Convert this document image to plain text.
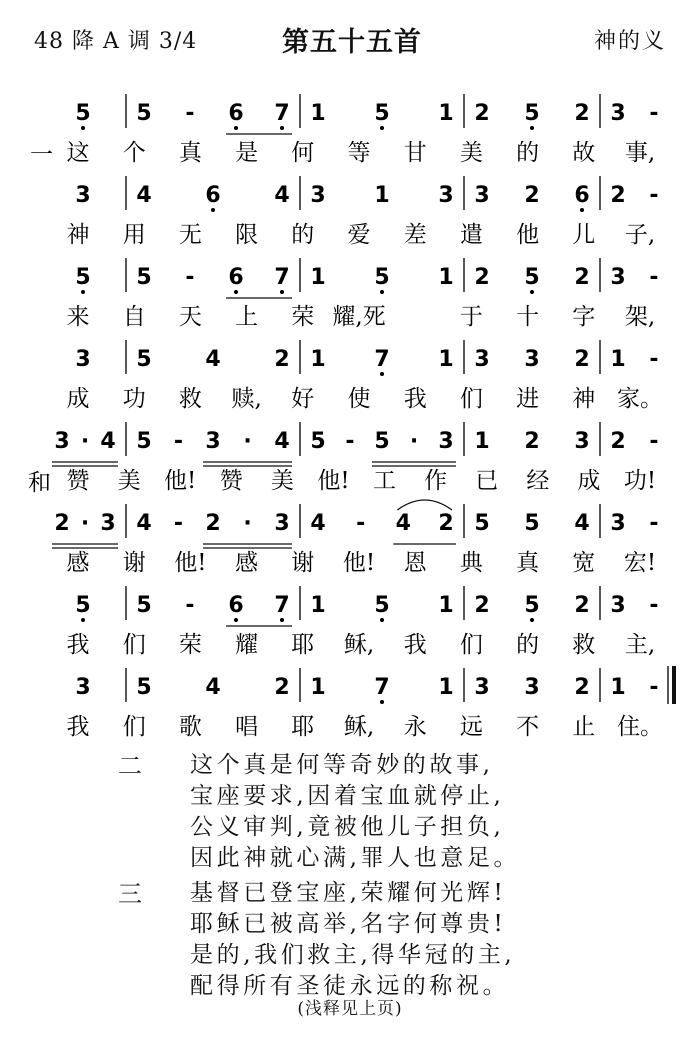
48 降 A 调 3/4	第五十五首	神的义
一
和
5 5 - 6 7 1 5 1 2 5 2 3 -
这 个 真 是 何 等 甘 美 的 故 事,
3 4 6 4 3 1 3 3 2 6 2 -
神 用 无 限 的 爱 差 遣 他 儿 子,
5 5 - 6 7 1 5 1 2 5 2 3 -
来 自 天 上 荣 耀,死	于 十 字 架,
3 5 4 2 1 7 1 3 3 2 1 -
成 功 救 赎, 好 使 我 们 进 神 家。
3 · 4 5 - 3 · 4 5 - 5 · 3 1 2 3 2 -
赞 美 他! 赞 美 他! 工 作 已 经 成 功!
2 · 3 4 - 2 · 3 4 - 4 2 5 5 4 3 -
感 谢 他! 感 谢 他! 恩 典 真 宽 宏!
5 5 - 6 7 1 5 1 2 5 2 3 -
我 们 荣 耀 耶 稣, 我 们 的 救 主,
3 5 4 2 1 7 1 3 3 2 1 -
我 们 歌 唱 耶 稣, 永 远 不 止 住。
二 这个真是何等奇妙的故事,
宝座要求,因着宝血就停止,
公义审判,竟被他儿子担负,
因此神就心满,罪人也意足。
三 基督已登宝座,荣耀何光辉!
耶稣已被高举,名字何尊贵!
是的,我们救主,得华冠的主,
配得所有圣徒永远的称祝。
(浅释见上页)
